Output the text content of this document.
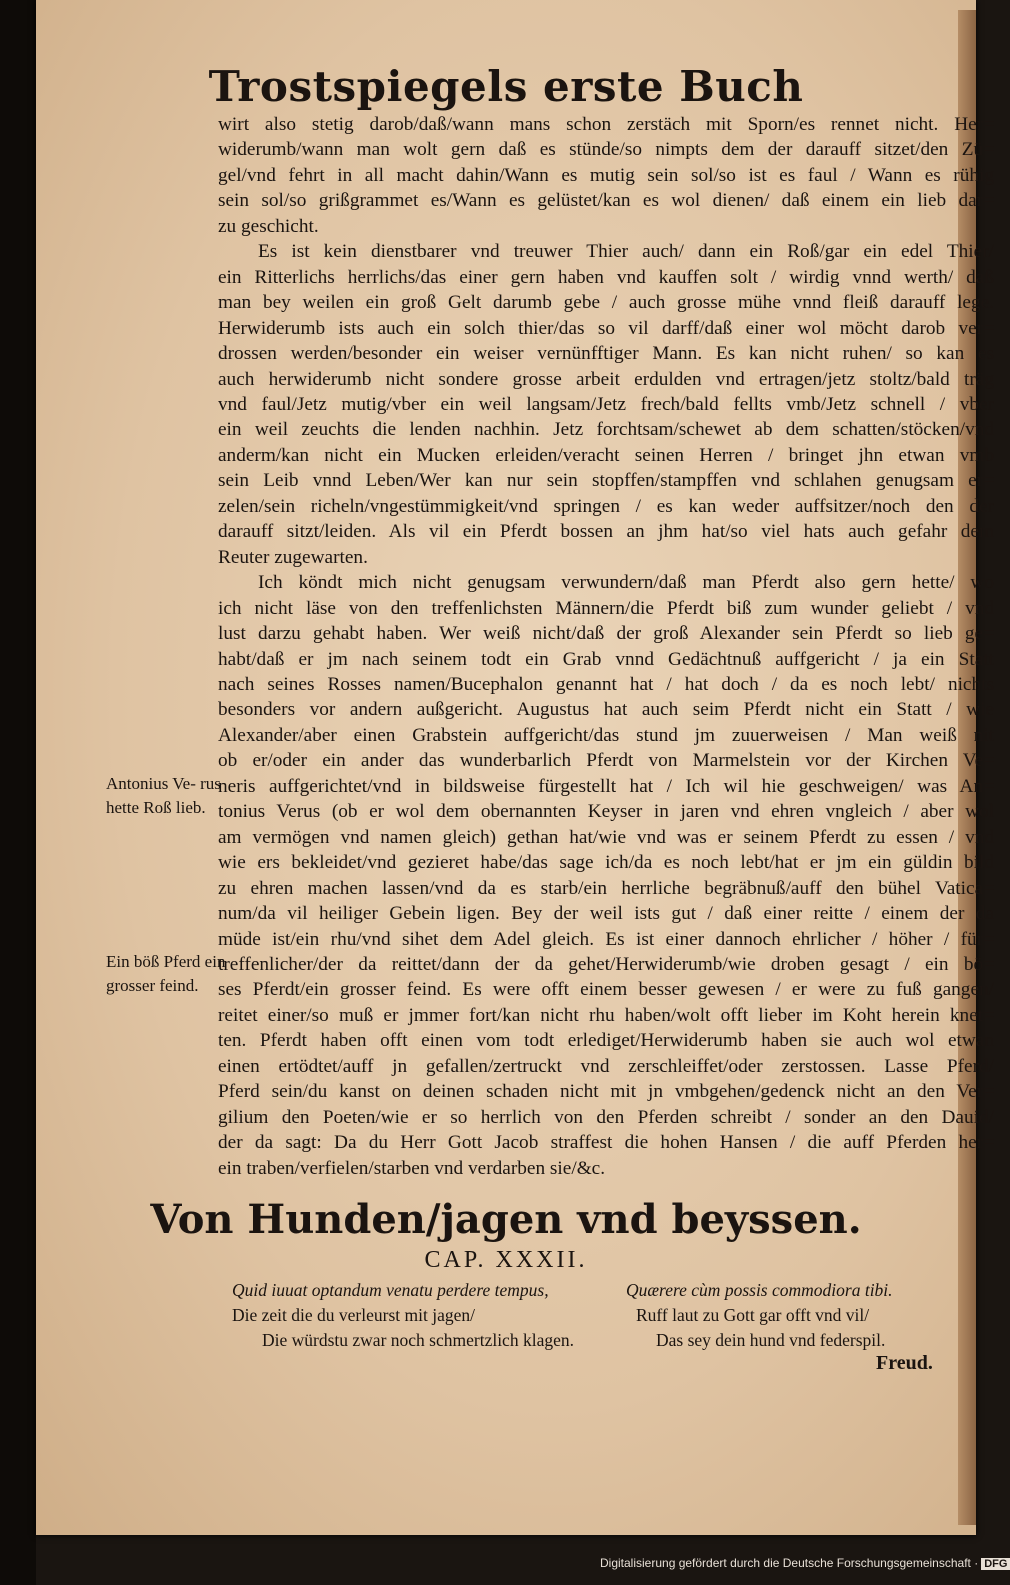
Trostspiegels erste Buch
wirt also stetig darob/daß/wann mans schon zerstäch mit Sporn/es rennet nicht. Her=
widerumb/wann man wolt gern daß es stünde/so nimpts dem der darauff sitzet/den Zü=
gel/vnd fehrt in all macht dahin/Wann es mutig sein sol/so ist es faul / Wann es rühig
sein sol/so grißgrammet es/Wann es gelüstet/kan es wol dienen/ daß einem ein lieb dar=
zu geschicht.
Es ist kein dienstbarer vnd treuwer Thier auch/ dann ein Roß/gar ein edel Thier/
ein Ritterlichs herrlichs/das einer gern haben vnd kauffen solt / wirdig vnnd werth/ daß
man bey weilen ein groß Gelt darumb gebe / auch grosse mühe vnnd fleiß darauff lege.
Herwiderumb ists auch ein solch thier/das so vil darff/daß einer wol möcht darob ver=
drossen werden/besonder ein weiser vernünfftiger Mann. Es kan nicht ruhen/ so kan es
auch herwiderumb nicht sondere grosse arbeit erdulden vnd ertragen/jetz stoltz/bald träg
vnd faul/Jetz mutig/vber ein weil langsam/Jetz frech/bald fellts vmb/Jetz schnell / vber
ein weil zeuchts die lenden nachhin. Jetz forchtsam/schewet ab dem schatten/stöcken/vnd
anderm/kan nicht ein Mucken erleiden/veracht seinen Herren / bringet jhn etwan vmb
sein Leib vnnd Leben/Wer kan nur sein stopffen/stampffen vnd schlahen genugsam er=
zelen/sein richeln/vngestümmigkeit/vnd springen / es kan weder auffsitzer/noch den der
darauff sitzt/leiden. Als vil ein Pferdt bossen an jhm hat/so viel hats auch gefahr dem
Reuter zugewarten.
Ich köndt mich nicht genugsam verwundern/daß man Pferdt also gern hette/ wo
ich nicht läse von den treffenlichsten Männern/die Pferdt biß zum wunder geliebt / vnd
lust darzu gehabt haben. Wer weiß nicht/daß der groß Alexander sein Pferdt so lieb ge=
habt/daß er jm nach seinem todt ein Grab vnnd Gedächtnuß auffgericht / ja ein Statt
nach seines Rosses namen/Bucephalon genannt hat / hat doch / da es noch lebt/ nichts
besonders vor andern außgericht. Augustus hat auch seim Pferdt nicht ein Statt / wie
Alexander/aber einen Grabstein auffgericht/das stund jm zuuerweisen / Man weiß nit
ob er/oder ein ander das wunderbarlich Pferdt von Marmelstein vor der Kirchen Ve=
neris auffgerichtet/vnd in bildsweise fürgestellt hat / Ich wil hie geschweigen/ was An=
tonius Verus (ob er wol dem obernannten Keyser in jaren vnd ehren vngleich / aber wol
am vermögen vnd namen gleich) gethan hat/wie vnd was er seinem Pferdt zu essen / vnd
wie ers bekleidet/vnd gezieret habe/das sage ich/da es noch lebt/hat er jm ein güldin bild
zu ehren machen lassen/vnd da es starb/ein herrliche begräbnuß/auff den bühel Vatica=
num/da vil heiliger Gebein ligen. Bey der weil ists gut / daß einer reitte / einem der da
müde ist/ein rhu/vnd sihet dem Adel gleich. Es ist einer dannoch ehrlicher / höher / für=
treffenlicher/der da reittet/dann der da gehet/Herwiderumb/wie droben gesagt / ein bö=
ses Pferdt/ein grosser feind. Es were offt einem besser gewesen / er were zu fuß gangen/
reitet einer/so muß er jmmer fort/kan nicht rhu haben/wolt offt lieber im Koht herein knet=
ten. Pferdt haben offt einen vom todt erlediget/Herwiderumb haben sie auch wol etwan
einen ertödtet/auff jn gefallen/zertruckt vnd zerschleiffet/oder zerstossen. Lasse Pferd/
Pferd sein/du kanst on deinen schaden nicht mit jn vmbgehen/gedenck nicht an den Ver=
gilium den Poeten/wie er so herrlich von den Pferden schreibt / sonder an den Dauid/
der da sagt: Da du Herr Gott Jacob straffest die hohen Hansen / die auff Pferden her=
ein traben/verfielen/starben vnd verdarben sie/&c.
Antonius Ve- rus hette Roß lieb.
Ein böß Pferd ein grosser feind.
Von Hunden/jagen vnd beyssen.
CAP. XXXII.
Quid iuuat optandum venatu perdere tempus,	Quærere cùm possis commodiora tibi.
Die zeit die du verleurst mit jagen/
Die würdstu zwar noch schmertzlich klagen.
Ruff laut zu Gott gar offt vnd vil/
Das sey dein hund vnd federspil.
Freud.
Digitalisierung gefördert durch die Deutsche Forschungsgemeinschaft · DFG
